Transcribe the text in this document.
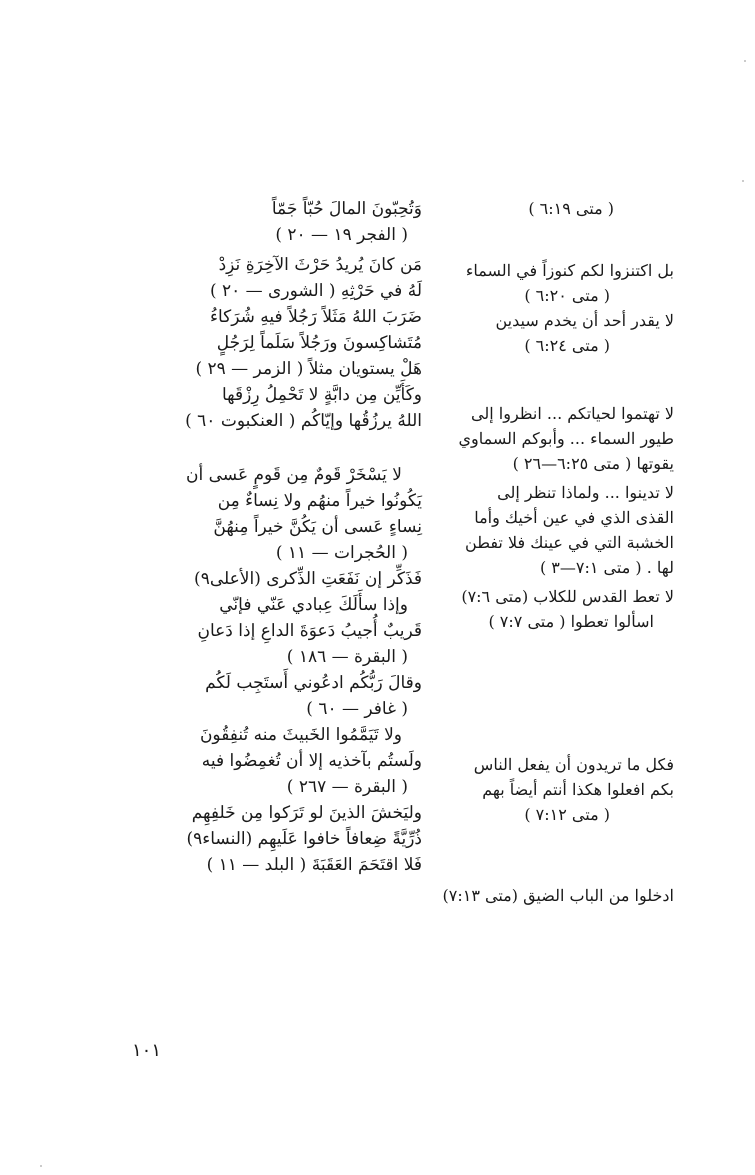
وَتُحِبّونَ المالَ حُبّاً جَمّاً
( الفجر ١٩ — ٢٠ )
مَن كانَ يُريدُ حَرْثَ الآخِرَةِ نَزِدْ
لَهُ في حَرْثِهِ ( الشورى — ٢٠ )
ضَرَبَ اللهُ مَثَلاً رَجُلاً فيهِ شُرَكاءُ
مُتَشاكِسونَ ورَجُلاً سَلَماً لِرَجُلٍ
هَلْ يستويان مثلاً ( الزمر — ٢٩ )
وكَأَيِّن مِن دابَّةٍ لا تَحْمِلُ رِزْقَها
اللهُ يرزُقُها وإيّاكُم ( العنكبوت ٦٠ )
لا يَسْخَرْ قَومٌ مِن قَومٍ عَسى أن
يَكُونُوا خيراً منهُم ولا نِساءٌ مِن
نِساءٍ عَسى أن يَكُنَّ خيراً مِنهُنَّ
( الحُجرات — ١١ )
فَذَكِّر إن نَفَعَتِ الذِّكرى (الأعلى٩)
وإذا سأَلَكَ عِبادي عَنّي فإنّي
قَريبٌ أُجيبُ دَعوَةَ الداعِ إذا دَعانِ
( البقرة — ١٨٦ )
وقالَ رَبُّكُم ادعُوني أَستَجِب لَكُم
( غافر — ٦٠ )
ولا تَيَمَّمُوا الخَبيثَ منه تُنفِقُونَ
ولَستُم بآخذيه إلا أن تُغمِضُوا فيه
( البقرة — ٢٦٧ )
وليَخشَ الذينَ لو تَرَكوا مِن خَلفِهِم
ذُرِّيَّةً ضِعافاً خافوا عَلَيهِم (النساء٩)
فَلا اقتَحَمَ العَقَبَةَ ( البلد — ١١ )
( متى ٦:١٩ )
بل اكتنزوا لكم كنوزاً في السماء
( متى ٦:٢٠ )
لا يقدر أحد أن يخدم سيدين
( متى ٦:٢٤ )
لا تهتموا لحياتكم ... انظروا إلى
طيور السماء ... وأبوكم السماوي
يقوتها ( متى ٦:٢٥—٢٦ )
لا تدينوا ... ولماذا تنظر إلى
القذى الذي في عين أخيك وأما
الخشبة التي في عينك فلا تفطن
لها . ( متى ٧:١—٣ )
لا تعط القدس للكلاب (متى ٧:٦)
اسألوا تعطوا ( متى ٧:٧ )
فكل ما تريدون أن يفعل الناس
بكم افعلوا هكذا أنتم أيضاً بهم
( متى ٧:١٢ )
ادخلوا من الباب الضيق (متى ٧:١٣)
١٠١
